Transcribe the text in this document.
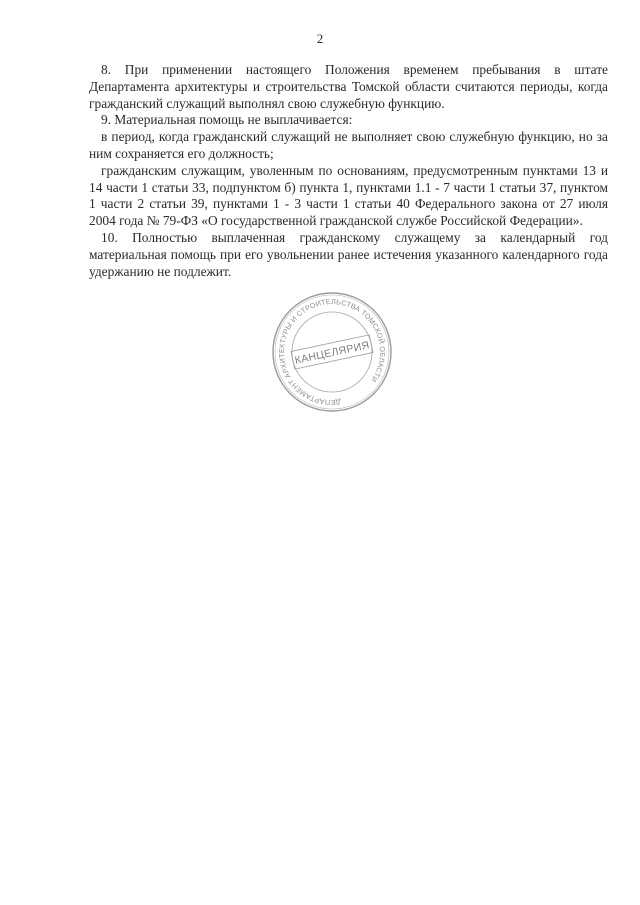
2

8. При применении настоящего Положения временем пребывания в штате Департамента архитектуры и строительства Томской области считаются периоды, когда гражданский служащий выполнял свою служебную функцию.

9. Материальная помощь не выплачивается:

в период, когда гражданский служащий не выполняет свою служебную функцию, но за ним сохраняется его должность;

гражданским служащим, уволенным по основаниям, предусмотренным пунктами 13 и 14 части 1 статьи 33, подпунктом б) пункта 1, пунктами 1.1 - 7 части 1 статьи 37, пунктом 1 части 2 статьи 39, пунктами 1 - 3 части 1 статьи 40 Федерального закона от 27 июля 2004 года № 79-ФЗ «О государственной гражданской службе Российской Федерации».

10. Полностью выплаченная гражданскому служащему за календарный год материальная помощь при его увольнении ранее истечения указанного календарного года удержанию не подлежит.

ДЕПАРТАМЕНТ АРХИТЕКТУРЫ И СТРОИТЕЛЬСТВА ТОМСКОЙ ОБЛАСТИ
КАНЦЕЛЯРИЯ
